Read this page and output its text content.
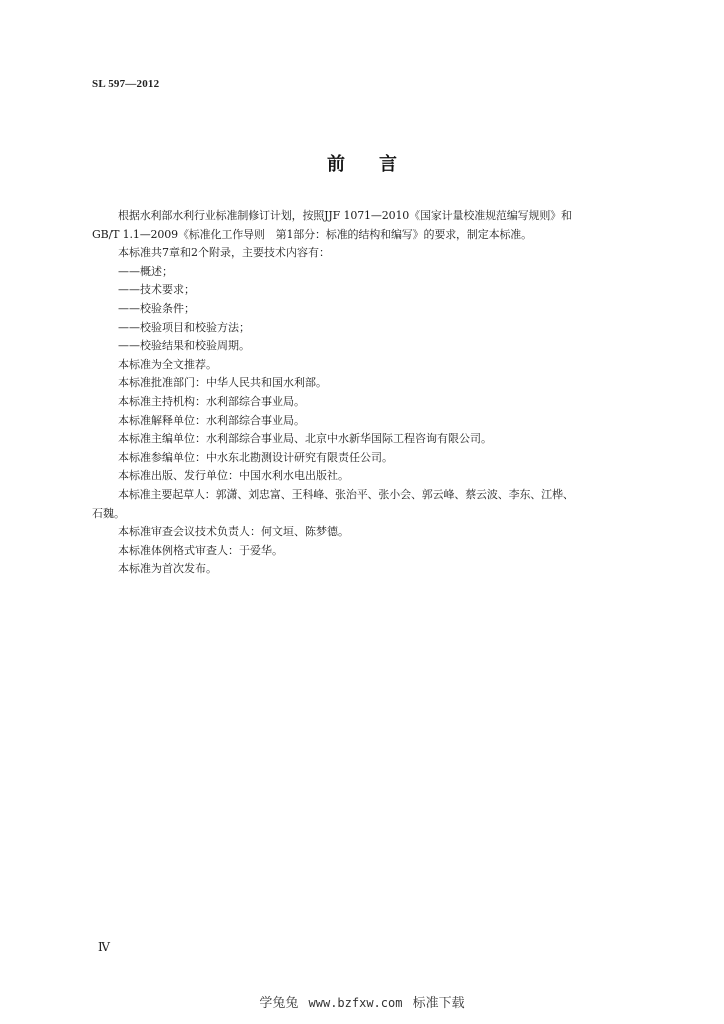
SL 597—2012
前言

根据水利部水利行业标准制修订计划，按照JJF 1071—2010《国家计量校准规范编写规则》和

GB/T 1.1—2009《标准化工作导则　第1部分：标准的结构和编写》的要求，制定本标准。

本标准共7章和2个附录，主要技术内容有：

——概述；

——技术要求；

——校验条件；

——校验项目和校验方法；

——校验结果和校验周期。

本标准为全文推荐。

本标准批准部门：中华人民共和国水利部。

本标准主持机构：水利部综合事业局。

本标准解释单位：水利部综合事业局。

本标准主编单位：水利部综合事业局、北京中水新华国际工程咨询有限公司。

本标准参编单位：中水东北勘测设计研究有限责任公司。

本标准出版、发行单位：中国水利水电出版社。

本标准主要起草人：郭潇、刘忠富、王科峰、张治平、张小会、郭云峰、蔡云波、李东、江桦、

石魏。

本标准审查会议技术负责人：何文垣、陈梦德。

本标准体例格式审查人：于爱华。

本标准为首次发布。

Ⅳ
学兔兔 www.bzfxw.com 标准下载
